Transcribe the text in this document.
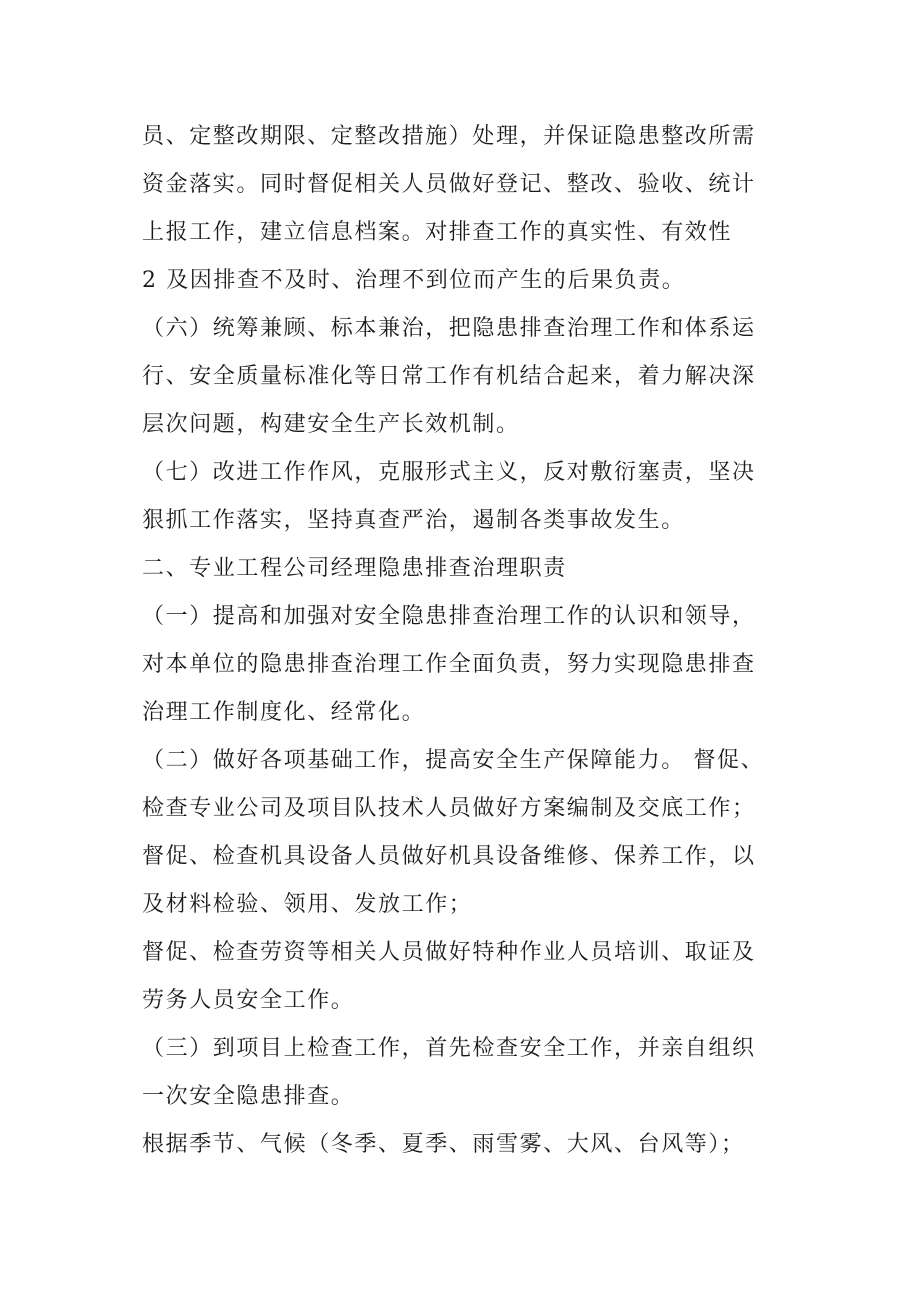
员、定整改期限、定整改措施）处理，并保证隐患整改所需
资金落实。同时督促相关人员做好登记、整改、验收、统计
上报工作，建立信息档案。对排查工作的真实性、有效性
2 及因排查不及时、治理不到位而产生的后果负责。
（六）统筹兼顾、标本兼治，把隐患排查治理工作和体系运
行、安全质量标准化等日常工作有机结合起来，着力解决深
层次问题，构建安全生产长效机制。
（七）改进工作作风，克服形式主义，反对敷衍塞责，坚决
狠抓工作落实，坚持真查严治，遏制各类事故发生。
二、专业工程公司经理隐患排查治理职责
（一）提高和加强对安全隐患排查治理工作的认识和领导，
对本单位的隐患排查治理工作全面负责，努力实现隐患排查
治理工作制度化、经常化。
（二）做好各项基础工作，提高安全生产保障能力。 督促、
检查专业公司及项目队技术人员做好方案编制及交底工作；
督促、检查机具设备人员做好机具设备维修、保养工作，以
及材料检验、领用、发放工作；
督促、检查劳资等相关人员做好特种作业人员培训、取证及
劳务人员安全工作。
（三）到项目上检查工作，首先检查安全工作，并亲自组织
一次安全隐患排查。
根据季节、气候（冬季、夏季、雨雪雾、大风、台风等）；
